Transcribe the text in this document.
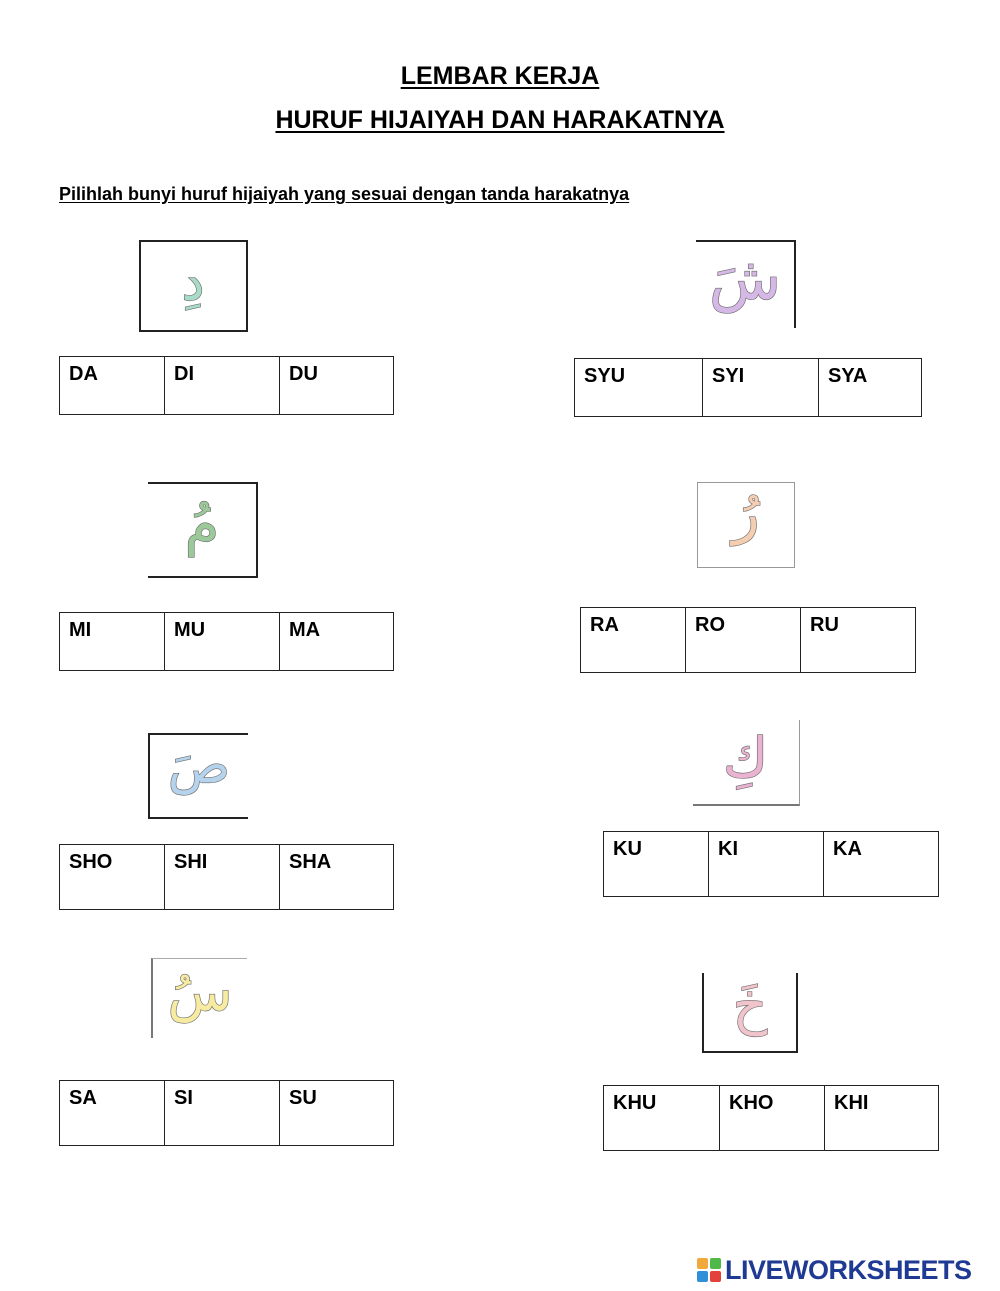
LEMBAR KERJA
HURUF HIJAIYAH DAN HARAKATNYA
Pilihlah bunyi huruf hijaiyah yang sesuai dengan tanda harakatnya
دِ
DA	DI	DU
مُ
MI	MU	MA
صَ
SHO	SHI	SHA
سُ
SA	SI	SU
شَ
SYU	SYI	SYA
رُ
RA	RO	RU
كِ
KU	KI	KA
خَ
KHU	KHO	KHI
LIVEWORKSHEETS
